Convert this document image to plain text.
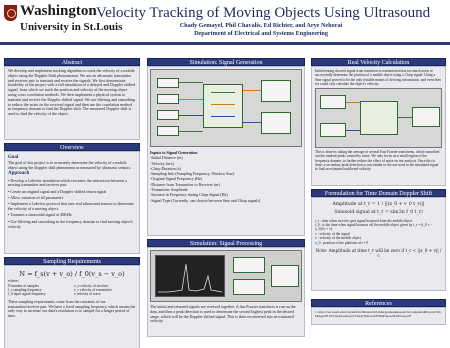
Washington
University in St.Louis
Velocity Tracking of Moving Objects Using Ultrasound
Chady Gemayel, Phil Chavalis, Ed Richter, and Arye Nehorai
Department of Electrical and Systems Engineering
Abstract
We develop and implement tracking algorithm to track the velocity of a mobile object using the Doppler Shift phenomenon. We use an ultrasonic transmitter and receiver pair to transmit and receive the signals. We first demonstrate feasibility of the project with a full simulation of a delayed and Doppler shifted signal, from which we track the position and velocity of the moving object using cross correlation methods. We then implement a physical system to transmit and receive the Doppler shifted signal. We use filtering and smoothing to reduce the noise on the received signal and then use the correlation method in frequency domain to find the Doppler shift. The measured Doppler shift is used to find the velocity of the object.
Overview
Goal
The goal of this project is to accurately determine the velocity of a mobile object using the Doppler shift phenomena as measured by ultrasonic sensors.
Approach
• Develop a Labview simulation which recreates the interaction between a moving transmitter and receiver pair.
• Create an original signal and a Doppler shifted return signal
• Allow variation of all parameters
• Implement a Labview protocol that uses real ultrasound sensors to determine the velocity of a moving object.
• Transmit a sinusoidal signal at 40KHz
• Use filtering and smoothing in the frequency domain to find moving object's velocity
Sampling Requirements
N = f_s(v + v_o) / f_0(v_s − v_o)
where:
N number of samples	v_o velocity of receiver
f_s sampling frequency	v_s velocity of transmitter
f_0 input signal frequency	v velocity of wave
These sampling requirements come from the restraints of our transmitter/receiver pair. We have a fixed sampling frequency, which means the only way to increase our data's resolution is to sample for a longer period of time.
Simulation: Signal Generation
Inputs to Signal Generation
-Initial Distance (m)
-Velocity (m/s)
-Chirp Duration (s)
-Sampling Info (Sampling Frequency, Window Size)
-Original Signal Frequency (Hz)
-Distance from Transmitter to Receiver (m)
-Transmitter Amplitude
-Increase in Frequency during Chirp Signal (Hz)
-Signal Type (Currently, can choose between Sine and Chirp signals)
Simulation: Signal Processing
The initial and returned signals are received together. A fast Fourier transform is run on the data, and then a peak detection is used to determine the second highest peak in the desired range, which will be the Doppler shifted signal. This is then reconverted into an estimated velocity.
Real Velocity Calculation
Initial testing showed signal from transition to transmission has too much noise to successfully determine the position of a mobile object using a Chirp signal. Using a Sine signal proved to be the only feasible means of deriving information, and even then we could only calculate the object's velocity.
This is done by taking the average of several Fast Fourier transforms, which smoothed out the random peaks caused by noise. We only focus on a small region of the frequency domain, to further reduce the effect of noise on our analysis. Once this is done, a secondary peak detection is run similar to the one used in the simulated signal to find an estimated unfiltered velocity.
Formulation for Time Domain Doppler Shift
Amplitude at t_r = 1 / ||(x_0 + v_0 t_r)||
Sinusoid signal at t_r = sin(2π f_0 t_r)
t_r : time when receiver gets signal bounced from the mobile object
t_0 : is the time when signal bounces off the mobile object given by t_r = (t_0 c − x_0)/(c + v)
c : velocity of the signal
v : velocity of the mobile object
x_0 : position of the platform at t = 0
Note: Amplitude at time t_r will be zero if t_r < ||x_0 + v|| / c
References
1. http://cse.wustl.edu/CurrentUnd/Research/UndergraduateResearch/CompletedProjects/WebPages/Fl10/ChadyGemayel/ChadyNehorai/FOMPrepasitionPrase.pdf
